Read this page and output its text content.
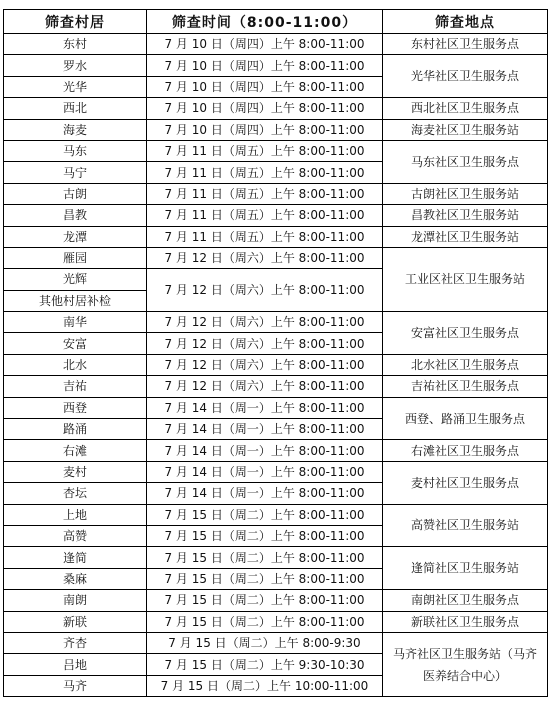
筛查村居	筛查时间（8:00-11:00）	筛查地点
东村	7 月 10 日（周四）上午 8:00-11:00	东村社区卫生服务点
罗水	7 月 10 日（周四）上午 8:00-11:00	光华社区卫生服务点
光华	7 月 10 日（周四）上午 8:00-11:00	
西北	7 月 10 日（周四）上午 8:00-11:00	西北社区卫生服务点
海麦	7 月 10 日（周四）上午 8:00-11:00	海麦社区卫生服务站
马东	7 月 11 日（周五）上午 8:00-11:00	马东社区卫生服务点
马宁	7 月 11 日（周五）上午 8:00-11:00	
古朗	7 月 11 日（周五）上午 8:00-11:00	古朗社区卫生服务站
昌教	7 月 11 日（周五）上午 8:00-11:00	昌教社区卫生服务站
龙潭	7 月 11 日（周五）上午 8:00-11:00	龙潭社区卫生服务站
雁园	7 月 12 日（周六）上午 8:00-11:00	工业区社区卫生服务站
光辉	7 月 12 日（周六）上午 8:00-11:00	
其他村居补检		
南华	7 月 12 日（周六）上午 8:00-11:00	安富社区卫生服务点
安富	7 月 12 日（周六）上午 8:00-11:00	
北水	7 月 12 日（周六）上午 8:00-11:00	北水社区卫生服务点
吉祐	7 月 12 日（周六）上午 8:00-11:00	吉祐社区卫生服务点
西登	7 月 14 日（周一）上午 8:00-11:00	西登、路涌卫生服务点
路涌	7 月 14 日（周一）上午 8:00-11:00	
右滩	7 月 14 日（周一）上午 8:00-11:00	右滩社区卫生服务点
麦村	7 月 14 日（周一）上午 8:00-11:00	麦村社区卫生服务点
杏坛	7 月 14 日（周一）上午 8:00-11:00	
上地	7 月 15 日（周二）上午 8:00-11:00	高赞社区卫生服务站
高赞	7 月 15 日（周二）上午 8:00-11:00	
逢简	7 月 15 日（周二）上午 8:00-11:00	逢简社区卫生服务站
桑麻	7 月 15 日（周二）上午 8:00-11:00	
南朗	7 月 15 日（周二）上午 8:00-11:00	南朗社区卫生服务点
新联	7 月 15 日（周二）上午 8:00-11:00	新联社区卫生服务点
齐杏	7 月 15 日（周二）上午 8:00-9:30	马齐社区卫生服务站（马齐医养结合中心）
吕地	7 月 15 日（周二）上午 9:30-10:30	
马齐	7 月 15 日（周二）上午 10:00-11:00	
